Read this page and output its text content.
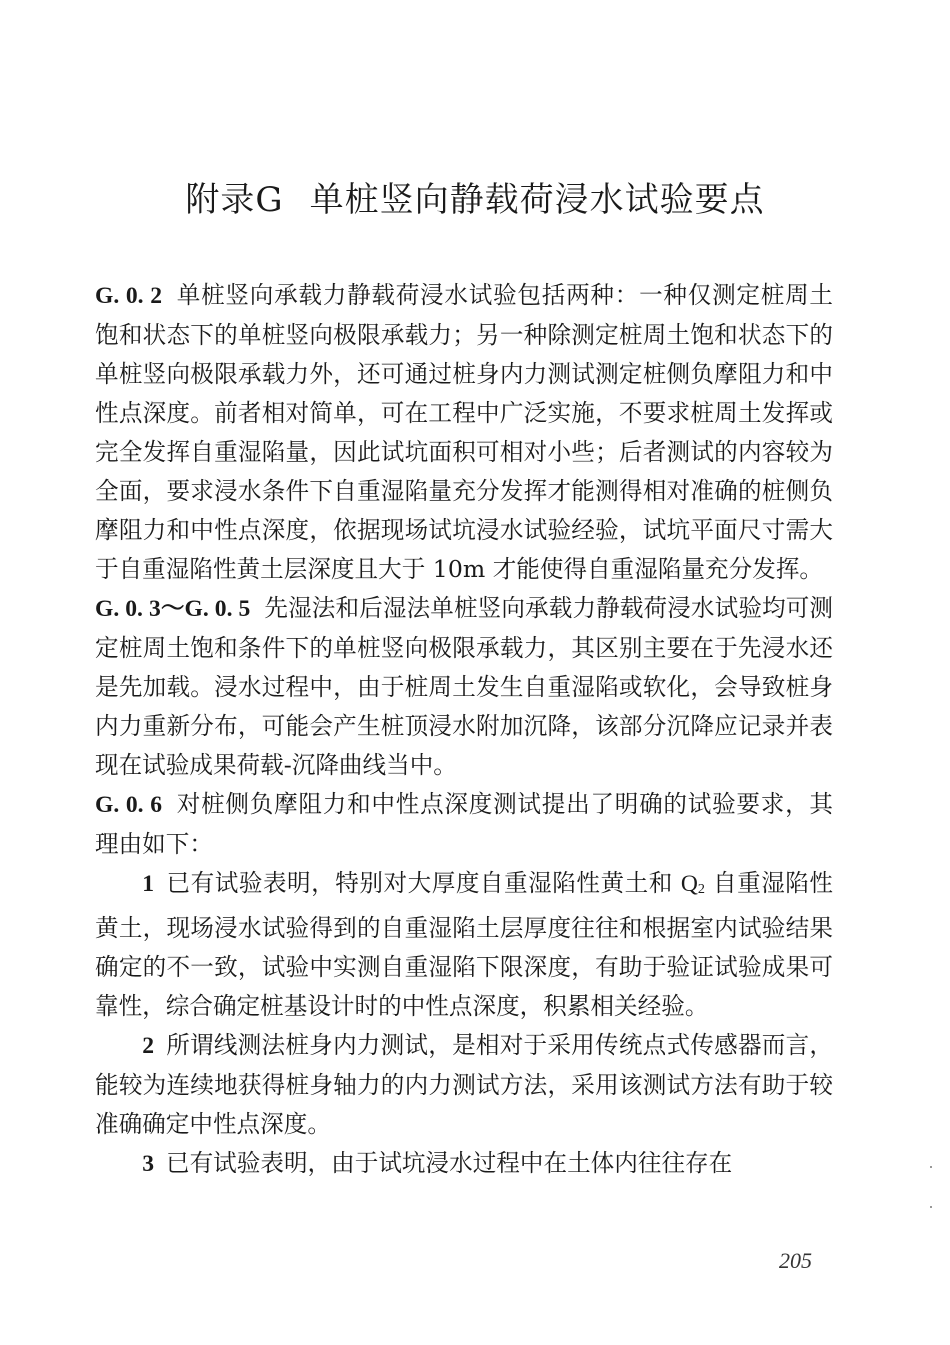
附录G 单桩竖向静载荷浸水试验要点

G. 0. 2 单桩竖向承载力静载荷浸水试验包括两种：一种仅测定桩周土饱和状态下的单桩竖向极限承载力；另一种除测定桩周土饱和状态下的单桩竖向极限承载力外，还可通过桩身内力测试测定桩侧负摩阻力和中性点深度。前者相对简单，可在工程中广泛实施，不要求桩周土发挥或完全发挥自重湿陷量，因此试坑面积可相对小些；后者测试的内容较为全面，要求浸水条件下自重湿陷量充分发挥才能测得相对准确的桩侧负摩阻力和中性点深度，依据现场试坑浸水试验经验，试坑平面尺寸需大于自重湿陷性黄土层深度且大于 10m 才能使得自重湿陷量充分发挥。

G. 0. 3～G. 0. 5 先湿法和后湿法单桩竖向承载力静载荷浸水试验均可测定桩周土饱和条件下的单桩竖向极限承载力，其区别主要在于先浸水还是先加载。浸水过程中，由于桩周土发生自重湿陷或软化，会导致桩身内力重新分布，可能会产生桩顶浸水附加沉降，该部分沉降应记录并表现在试验成果荷载-沉降曲线当中。

G. 0. 6 对桩侧负摩阻力和中性点深度测试提出了明确的试验要求，其理由如下：

1 已有试验表明，特别对大厚度自重湿陷性黄土和 $Q_2$ 自重湿陷性黄土，现场浸水试验得到的自重湿陷土层厚度往往和根据室内试验结果确定的不一致，试验中实测自重湿陷下限深度，有助于验证试验成果可靠性，综合确定桩基设计时的中性点深度，积累相关经验。

2 所谓线测法桩身内力测试，是相对于采用传统点式传感器而言，能较为连续地获得桩身轴力的内力测试方法，采用该测试方法有助于较准确确定中性点深度。

3 已有试验表明，由于试坑浸水过程中在土体内往往存在

205
